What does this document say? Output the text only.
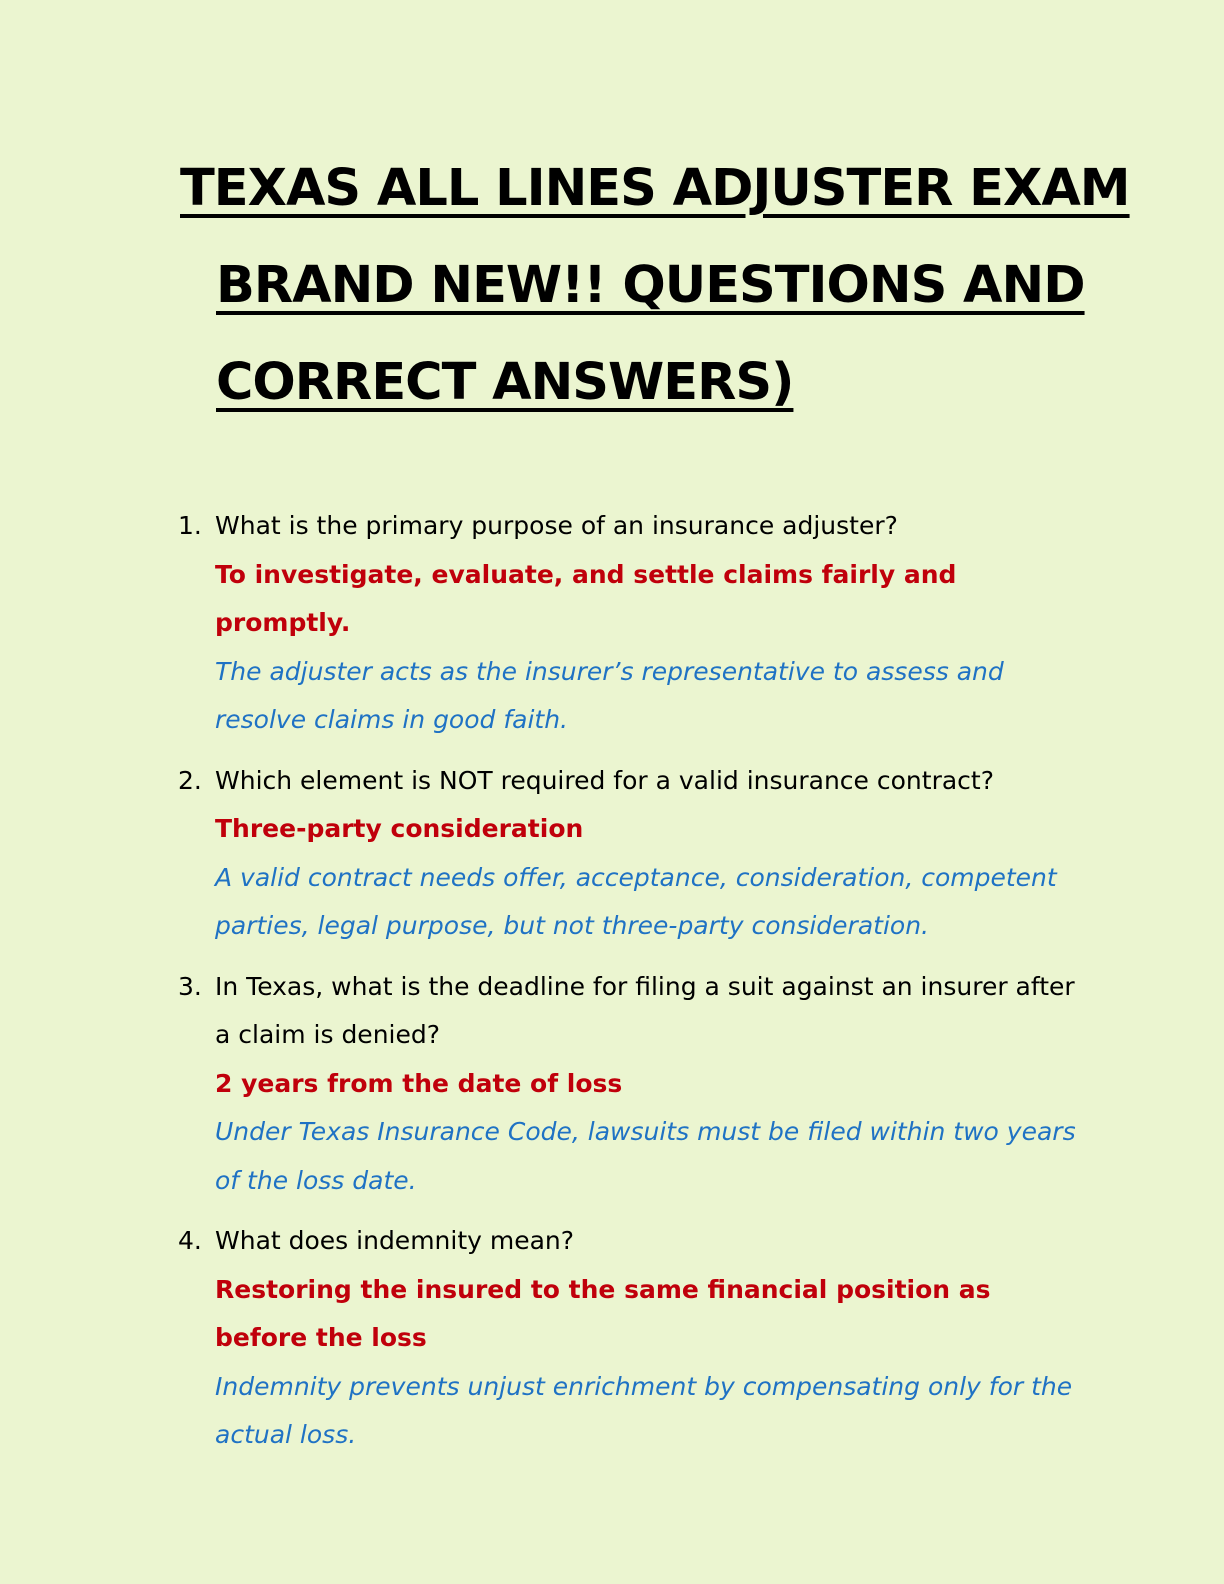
TEXAS ALL LINES ADJUSTER EXAM
BRAND NEW!! QUESTIONS AND
CORRECT ANSWERS)
1. What is the primary purpose of an insurance adjuster?
To investigate, evaluate, and settle claims fairly and promptly.
The adjuster acts as the insurer’s representative to assess and resolve claims in good faith.
2. Which element is NOT required for a valid insurance contract?
Three-party consideration
A valid contract needs offer, acceptance, consideration, competent parties, legal purpose, but not three-party consideration.
3. In Texas, what is the deadline for filing a suit against an insurer after a claim is denied?
2 years from the date of loss
Under Texas Insurance Code, lawsuits must be filed within two years of the loss date.
4. What does indemnity mean?
Restoring the insured to the same financial position as before the loss
Indemnity prevents unjust enrichment by compensating only for the actual loss.
